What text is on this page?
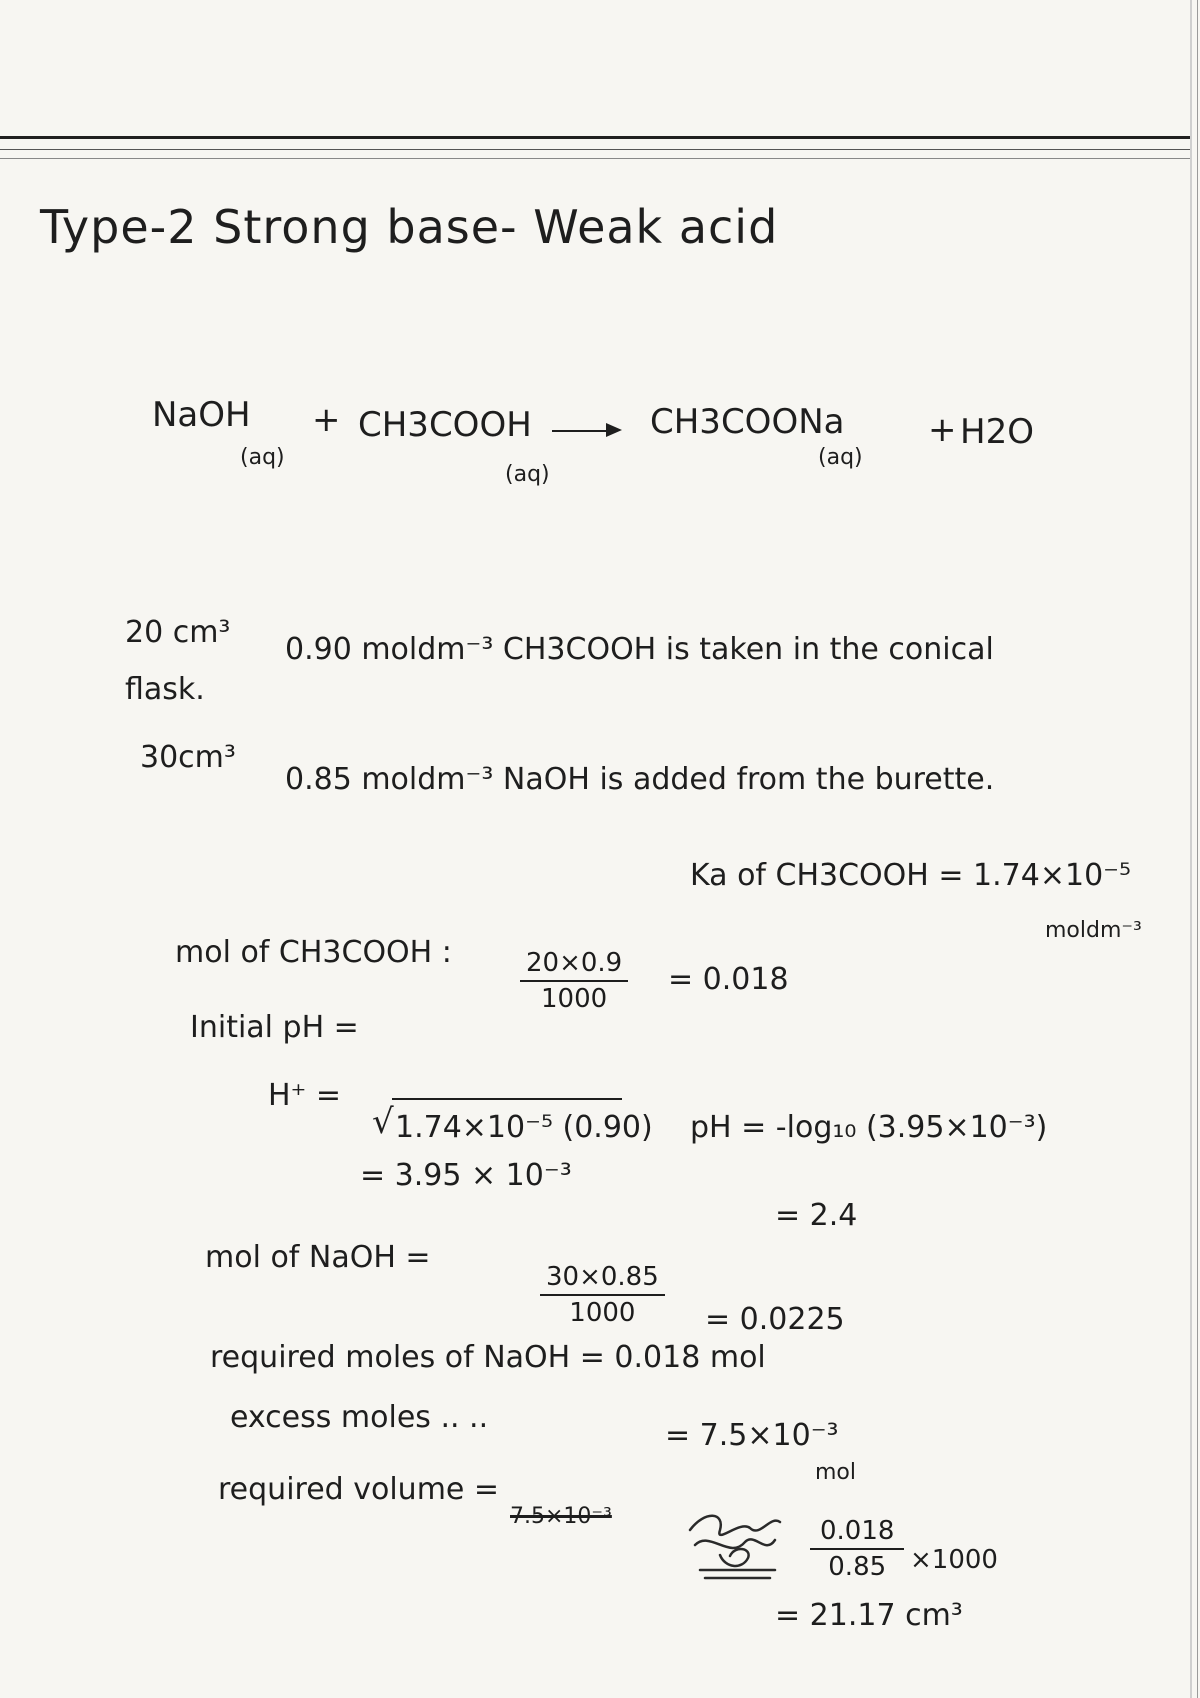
Type-2 Strong base- Weak acid
NaOH
(aq)
+ CH3COOH
(aq)
CH3COONa
(aq)
+ H2O
20 cm³ 0.90 moldm⁻³ CH3COOH is taken in the conical
flask.
30cm³
0.85 moldm⁻³ NaOH is added from the burette.
Ka of CH3COOH = 1.74×10⁻⁵
moldm⁻³
mol of CH3COOH :	$\frac{20\times 0.9}{1000} = 0.018$
Initial pH =
H⁺ =
√ 1.74×10⁻⁵ (0.90) pH = -log₁₀ (3.95×10⁻³)
= 3.95 × 10⁻³
= 2.4
mol of NaOH =
$\frac{30\times 0.85}{1000} = 0.0225$
required moles of NaOH = 0.018 mol
excess moles .. ..
= 7.5×10⁻³
mol
required volume =
7.5×10⁻³	$\frac{0.018}{0.85} \times 1000$
= 21.17 cm³
